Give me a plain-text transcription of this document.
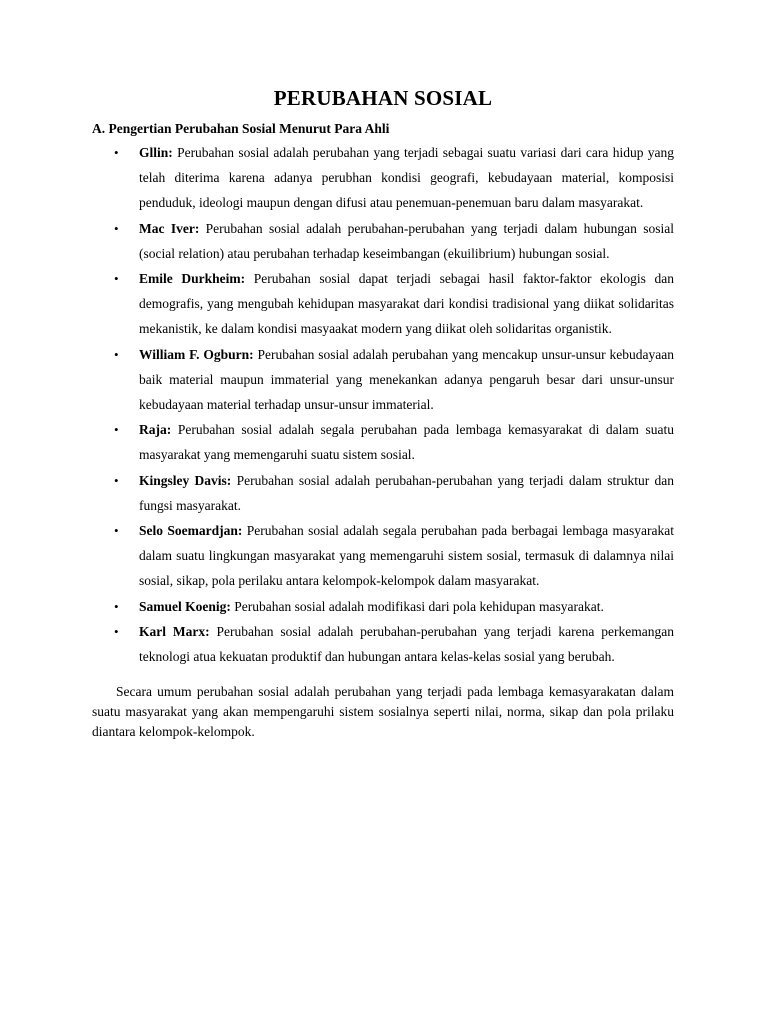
PERUBAHAN SOSIAL
A. Pengertian Perubahan Sosial Menurut Para Ahli
• Gllin: Perubahan sosial adalah perubahan yang terjadi sebagai suatu variasi dari cara hidup yang telah diterima karena adanya perubhan kondisi geografi, kebudayaan material, komposisi penduduk, ideologi maupun dengan difusi atau penemuan-penemuan baru dalam masyarakat.
• Mac Iver: Perubahan sosial adalah perubahan-perubahan yang terjadi dalam hubungan sosial (social relation) atau perubahan terhadap keseimbangan (ekuilibrium) hubungan sosial.
• Emile Durkheim: Perubahan sosial dapat terjadi sebagai hasil faktor-faktor ekologis dan demografis, yang mengubah kehidupan masyarakat dari kondisi tradisional yang diikat solidaritas mekanistik, ke dalam kondisi masyaakat modern yang diikat oleh solidaritas organistik.
• William F. Ogburn: Perubahan sosial adalah perubahan yang mencakup unsur-unsur kebudayaan baik material maupun immaterial yang menekankan adanya pengaruh besar dari unsur-unsur kebudayaan material terhadap unsur-unsur immaterial.
• Raja: Perubahan sosial adalah segala perubahan pada lembaga kemasyarakat di dalam suatu masyarakat yang memengaruhi suatu sistem sosial.
• Kingsley Davis: Perubahan sosial adalah perubahan-perubahan yang terjadi dalam struktur dan fungsi masyarakat.
• Selo Soemardjan: Perubahan sosial adalah segala perubahan pada berbagai lembaga masyarakat dalam suatu lingkungan masyarakat yang memengaruhi sistem sosial, termasuk di dalamnya nilai sosial, sikap, pola perilaku antara kelompok-kelompok dalam masyarakat.
• Samuel Koenig: Perubahan sosial adalah modifikasi dari pola kehidupan masyarakat.
• Karl Marx: Perubahan sosial adalah perubahan-perubahan yang terjadi karena perkemangan teknologi atua kekuatan produktif dan hubungan antara kelas-kelas sosial yang berubah.

Secara umum perubahan sosial adalah perubahan yang terjadi pada lembaga kemasyarakatan dalam suatu masyarakat yang akan mempengaruhi sistem sosialnya seperti nilai, norma, sikap dan pola prilaku diantara kelompok-kelompok.
